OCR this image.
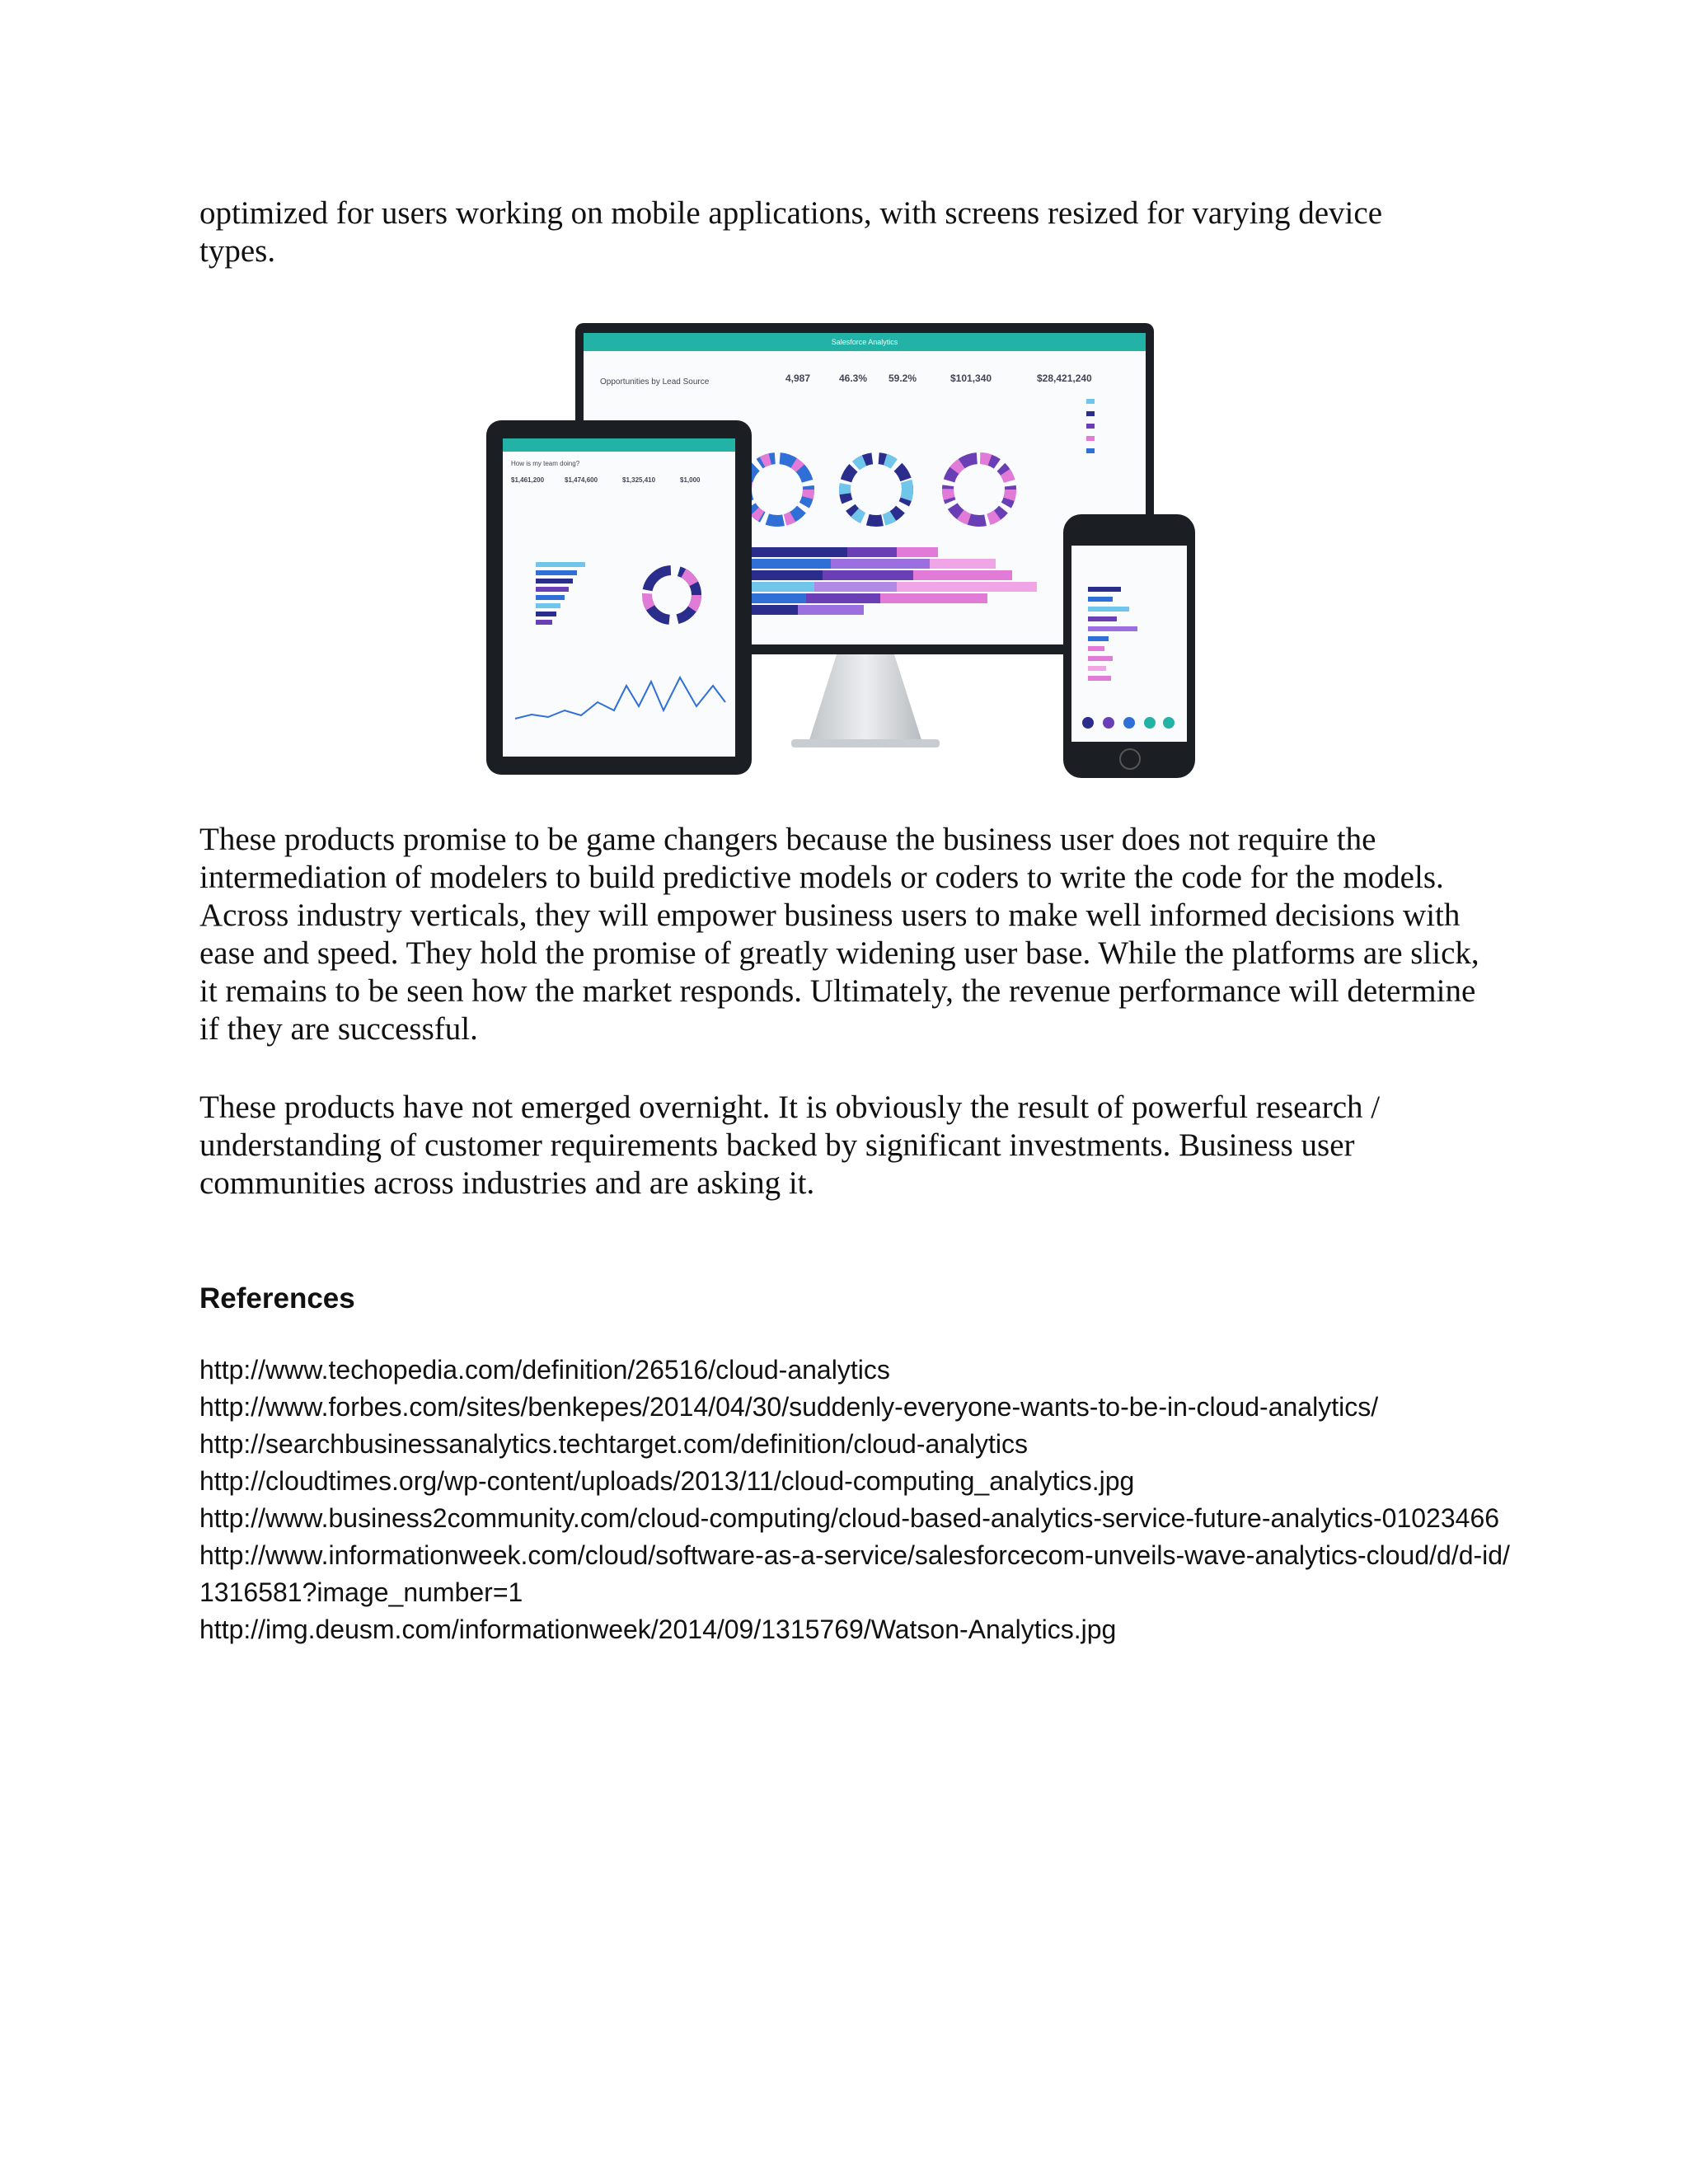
optimized for users working on mobile applications, with screens resized for varying device types.

Salesforce Analytics
Opportunities by Lead Source	4,987	46.3% 59.2%	$101,340	$28,421,240
How is my team doing?
$1,461,200	$1,474,600	$1,325,410	$1,000

These products promise to be game changers because the business user does not require the intermediation of modelers to build predictive models or coders to write the code for the models. Across industry verticals, they will empower business users to make well informed decisions with ease and speed. They hold the promise of greatly widening user base. While the platforms are slick, it remains to be seen how the market responds. Ultimately, the revenue performance will determine if they are successful.

These products have not emerged overnight. It is obviously the result of powerful research / understanding of customer requirements backed by significant investments. Business user communities across industries and are asking it.

References
http://www.techopedia.com/definition/26516/cloud-analytics
http://www.forbes.com/sites/benkepes/2014/04/30/suddenly-everyone-wants-to-be-in-cloud-analytics/
http://searchbusinessanalytics.techtarget.com/definition/cloud-analytics
http://cloudtimes.org/wp-content/uploads/2013/11/cloud-computing_analytics.jpg
http://www.business2community.com/cloud-computing/cloud-based-analytics-service-future-analytics-01023466
http://www.informationweek.com/cloud/software-as-a-service/salesforcecom-unveils-wave-analytics-cloud/d/d-id/1316581?image_number=1
http://img.deusm.com/informationweek/2014/09/1315769/Watson-Analytics.jpg
